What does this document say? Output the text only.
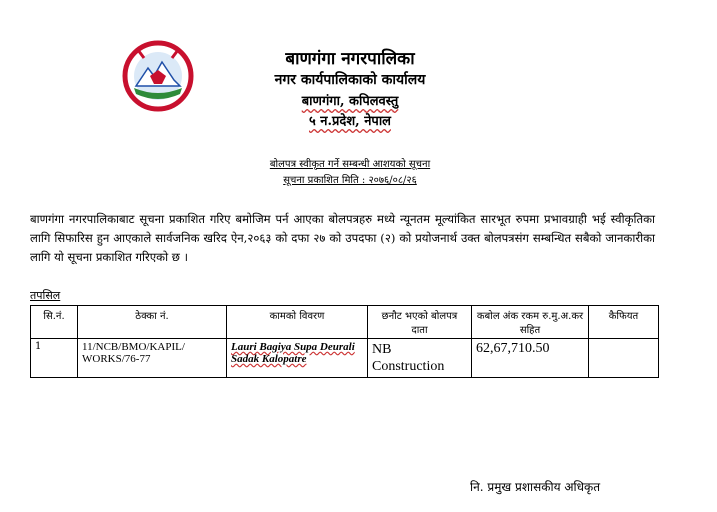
बाणगंगा नगरपालिका
नगर कार्यपालिकाको कार्यालय
बाणगंगा, कपिलवस्तु
५ न.प्रदेश, नेपाल
बोलपत्र स्वीकृत गर्ने सम्बन्धी आशयको सूचना
सूचना प्रकाशित मिति : २०७६/०८/२६
बाणगंगा नगरपालिकाबाट सूचना प्रकाशित गरिए बमोजिम पर्न आएका बोलपत्रहरु मध्ये न्यूनतम मूल्यांकित सारभूत रुपमा प्रभावग्राही भई स्वीकृतिका लागि सिफारिस हुन आएकाले सार्वजनिक खरिद ऐन,२०६३ को दफा २७ को उपदफा (२) को प्रयोजनार्थ उक्त बोलपत्रसंग सम्बन्धित सबैको जानकारीका लागि यो सूचना प्रकाशित गरिएको छ ।
तपसिल
सि.नं.	ठेक्का नं.	कामको विवरण	छनौट भएको बोलपत्र दाता	कबोल अंक रकम रु.मु.अ.कर सहित	कैफियत
1	11/NCB/BMO/KAPIL/ WORKS/76-77	Lauri Bagiya Supa Deurali Sadak Kalopatre	NB Construction	62,67,710.50	
नि. प्रमुख प्रशासकीय अधिकृत
